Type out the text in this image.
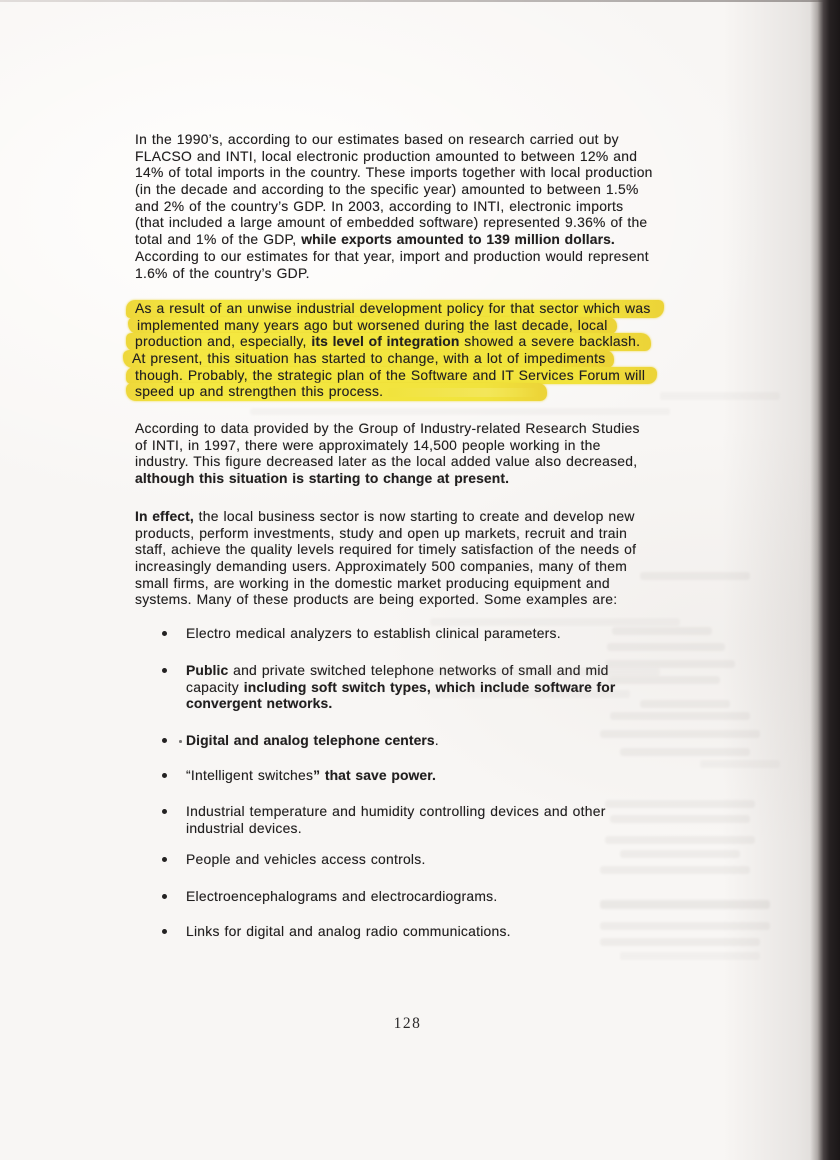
In the 1990’s, according to our estimates based on research carried out by
FLACSO and INTI, local electronic production amounted to between 12% and
14% of total imports in the country. These imports together with local production
(in the decade and according to the specific year) amounted to between 1.5%
and 2% of the country’s GDP. In 2003, according to INTI, electronic imports
(that included a large amount of embedded software) represented 9.36% of the
total and 1% of the GDP, while exports amounted to 139 million dollars.
According to our estimates for that year, import and production would represent
1.6% of the country’s GDP.
As a result of an unwise industrial development policy for that sector which was
implemented many years ago but worsened during the last decade, local
production and, especially, its level of integration showed a severe backlash.
At present, this situation has started to change, with a lot of impediments
though. Probably, the strategic plan of the Software and IT Services Forum will
speed up and strengthen this process.
According to data provided by the Group of Industry-related Research Studies
of INTI, in 1997, there were approximately 14,500 people working in the
industry. This figure decreased later as the local added value also decreased,
although this situation is starting to change at present.
In effect, the local business sector is now starting to create and develop new
products, perform investments, study and open up markets, recruit and train
staff, achieve the quality levels required for timely satisfaction of the needs of
increasingly demanding users. Approximately 500 companies, many of them
small firms, are working in the domestic market producing equipment and
systems. Many of these products are being exported. Some examples are:
Electro medical analyzers to establish clinical parameters.
Public and private switched telephone networks of small and mid
capacity including soft switch types, which include software for
convergent networks.
Digital and analog telephone centers.
“Intelligent switches” that save power.
Industrial temperature and humidity controlling devices and other
industrial devices.
People and vehicles access controls.
Electroencephalograms and electrocardiograms.
Links for digital and analog radio communications.
128
